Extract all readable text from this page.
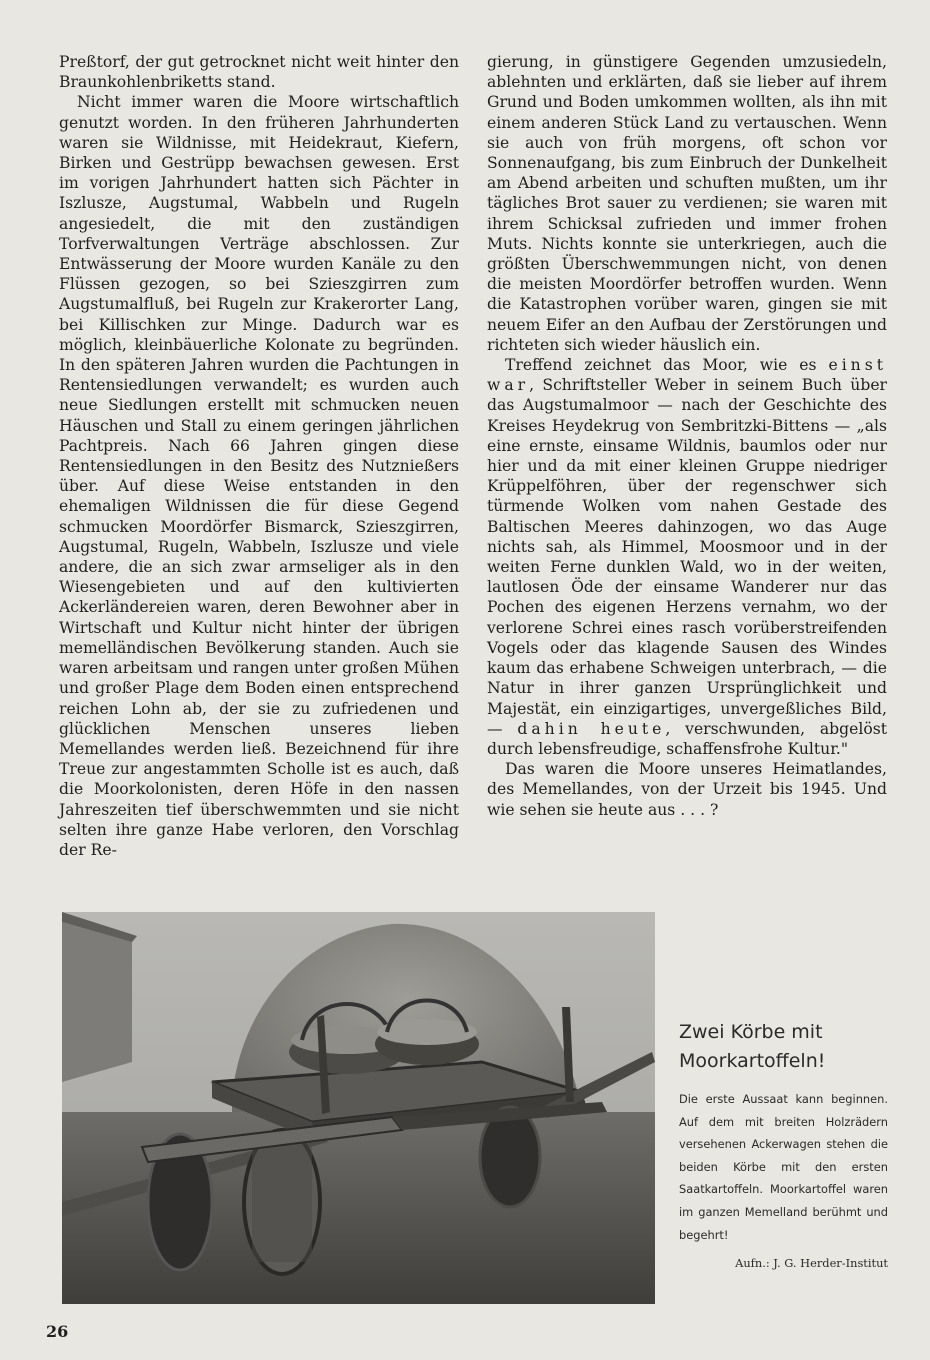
Preßtorf, der gut getrocknet nicht weit hinter den Braunkohlenbriketts stand.

Nicht immer waren die Moore wirtschaftlich genutzt worden. In den früheren Jahrhunderten waren sie Wildnisse, mit Heidekraut, Kiefern, Birken und Gestrüpp bewachsen gewesen. Erst im vorigen Jahrhundert hatten sich Pächter in Iszlusze, Augstumal, Wabbeln und Rugeln angesiedelt, die mit den zuständigen Torfverwaltungen Verträge abschlossen. Zur Entwässerung der Moore wurden Kanäle zu den Flüssen gezogen, so bei Szieszgirren zum Augstumalfluß, bei Rugeln zur Krakerorter Lang, bei Killischken zur Minge. Dadurch war es möglich, kleinbäuerliche Kolonate zu begründen. In den späteren Jahren wurden die Pachtungen in Rentensiedlungen verwandelt; es wurden auch neue Siedlungen erstellt mit schmucken neuen Häuschen und Stall zu einem geringen jährlichen Pachtpreis. Nach 66 Jahren gingen diese Rentensiedlungen in den Besitz des Nutznießers über. Auf diese Weise entstanden in den ehemaligen Wildnissen die für diese Gegend schmucken Moordörfer Bismarck, Szieszgirren, Augstumal, Rugeln, Wabbeln, Iszlusze und viele andere, die an sich zwar armseliger als in den Wiesengebieten und auf den kultivierten Ackerländereien waren, deren Bewohner aber in Wirtschaft und Kultur nicht hinter der übrigen memelländischen Bevölkerung standen. Auch sie waren arbeitsam und rangen unter großen Mühen und großer Plage dem Boden einen entsprechend reichen Lohn ab, der sie zu zufriedenen und glücklichen Menschen unseres lieben Memellandes werden ließ. Bezeichnend für ihre Treue zur angestammten Scholle ist es auch, daß die Moorkolonisten, deren Höfe in den nassen Jahreszeiten tief überschwemmten und sie nicht selten ihre ganze Habe verloren, den Vorschlag der Re-

gierung, in günstigere Gegenden umzusiedeln, ablehnten und erklärten, daß sie lieber auf ihrem Grund und Boden umkommen wollten, als ihn mit einem anderen Stück Land zu vertauschen. Wenn sie auch von früh morgens, oft schon vor Sonnenaufgang, bis zum Einbruch der Dunkelheit am Abend arbeiten und schuften mußten, um ihr tägliches Brot sauer zu verdienen; sie waren mit ihrem Schicksal zufrieden und immer frohen Muts. Nichts konnte sie unterkriegen, auch die größten Überschwemmungen nicht, von denen die meisten Moordörfer betroffen wurden. Wenn die Katastrophen vorüber waren, gingen sie mit neuem Eifer an den Aufbau der Zerstörungen und richteten sich wieder häuslich ein.

Treffend zeichnet das Moor, wie es einst war, Schriftsteller Weber in seinem Buch über das Augstumalmoor — nach der Geschichte des Kreises Heydekrug von Sembritzki-Bittens — „als eine ernste, einsame Wildnis, baumlos oder nur hier und da mit einer kleinen Gruppe niedriger Krüppelföhren, über der regenschwer sich türmende Wolken vom nahen Gestade des Baltischen Meeres dahinzogen, wo das Auge nichts sah, als Himmel, Moosmoor und in der weiten Ferne dunklen Wald, wo in der weiten, lautlosen Öde der einsame Wanderer nur das Pochen des eigenen Herzens vernahm, wo der verlorene Schrei eines rasch vorüberstreifenden Vogels oder das klagende Sausen des Windes kaum das erhabene Schweigen unterbrach, — die Natur in ihrer ganzen Ursprünglichkeit und Majestät, ein einzigartiges, unvergeßliches Bild, — dahin heute, verschwunden, abgelöst durch lebensfreudige, schaffensfrohe Kultur."

Das waren die Moore unseres Heimatlandes, des Memellandes, von der Urzeit bis 1945. Und wie sehen sie heute aus . . . ?

Zwei Körbe mit Moorkartoffeln!
Die erste Aussaat kann beginnen. Auf dem mit breiten Holzrädern versehenen Ackerwagen stehen die beiden Körbe mit den ersten Saatkartoffeln. Moorkartoffel waren im ganzen Memelland berühmt und begehrt!
Aufn.: J. G. Herder-Institut
26
